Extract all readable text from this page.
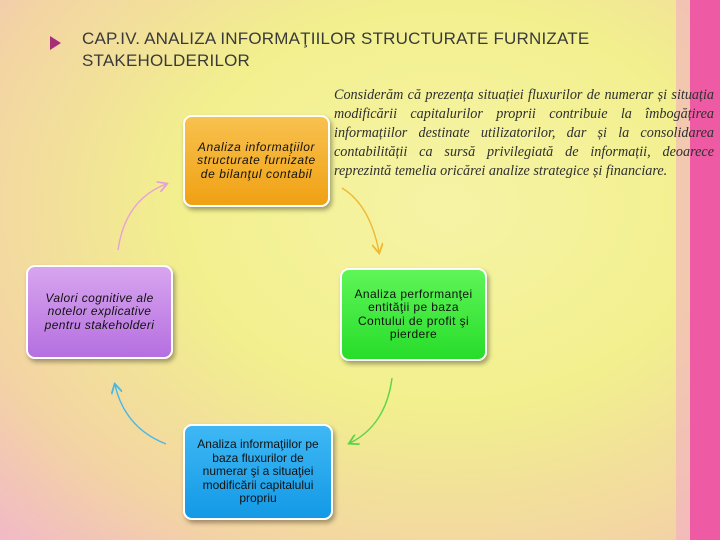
CAP.IV. ANALIZA INFORMAŢIILOR STRUCTURATE FURNIZATE STAKEHOLDERILOR
Considerăm că prezența situației fluxurilor de numerar și situația modificării capitalurilor proprii contribuie la îmbogățirea informațiilor destinate utilizatorilor, dar și la consolidarea contabilității ca sursă privilegiată de informații, deoarece reprezintă temelia oricărei analize strategice și financiare.
Analiza informaţiilor structurate furnizate de bilanţul contabil
Valori cognitive ale notelor explicative pentru stakeholderi
Analiza performanţei entităţii pe baza Contului de profit şi pierdere
Analiza informaţiilor pe baza fluxurilor de numerar şi a situaţiei modificării capitalului propriu
